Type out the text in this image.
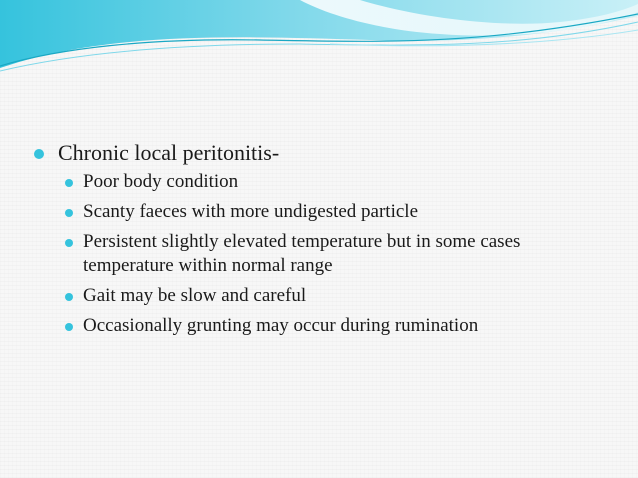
Chronic local peritonitis-
Poor body condition
Scanty faeces with more undigested particle
Persistent slightly elevated temperature but in some cases temperature within normal range
Gait may be slow and careful
Occasionally grunting may occur during rumination
